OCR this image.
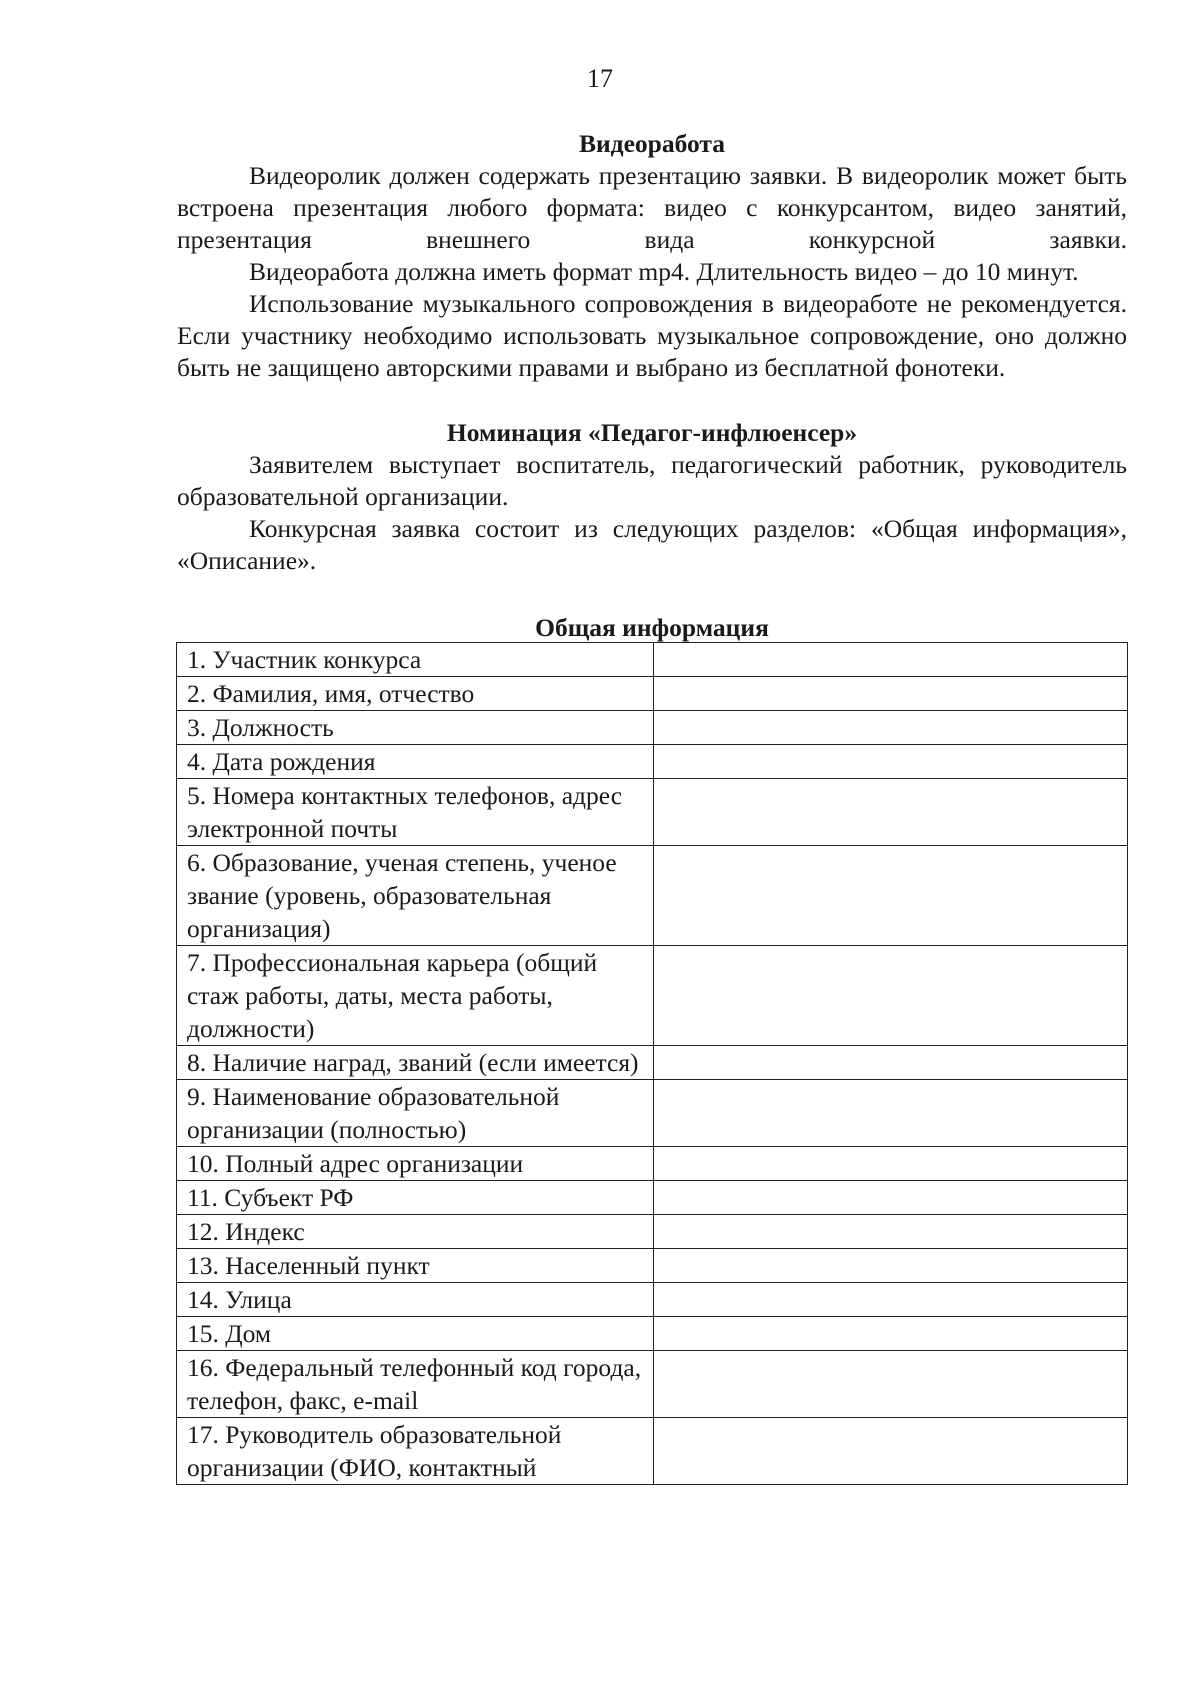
17

Видеоработа

Видеоролик должен содержать презентацию заявки. В видеоролик может быть встроена презентация любого формата: видео с конкурсантом, видео занятий, презентация внешнего вида конкурсной заявки.

Видеоработа должна иметь формат mp4. Длительность видео – до 10 минут.

Использование музыкального сопровождения в видеоработе не рекомендуется. Если участнику необходимо использовать музыкальное сопровождение, оно должно быть не защищено авторскими правами и выбрано из бесплатной фонотеки.

Номинация «Педагог-инфлюенсер»

Заявителем выступает воспитатель, педагогический работник, руководитель образовательной организации.

Конкурсная заявка состоит из следующих разделов: «Общая информация», «Описание».

Общая информация

1. Участник конкурса	
2. Фамилия, имя, отчество	
3. Должность	
4. Дата рождения	
5. Номера контактных телефонов, адрес электронной почты	
6. Образование, ученая степень, ученое звание (уровень, образовательная организация)	
7. Профессиональная карьера (общий стаж работы, даты, места работы, должности)	
8. Наличие наград, званий (если имеется)	
9. Наименование образовательной организации (полностью)	
10. Полный адрес организации	
11. Субъект РФ	
12. Индекс	
13. Населенный пункт	
14. Улица	
15. Дом	
16. Федеральный телефонный код города, телефон, факс, e-mail	
17. Руководитель образовательной организации (ФИО, контактный	
